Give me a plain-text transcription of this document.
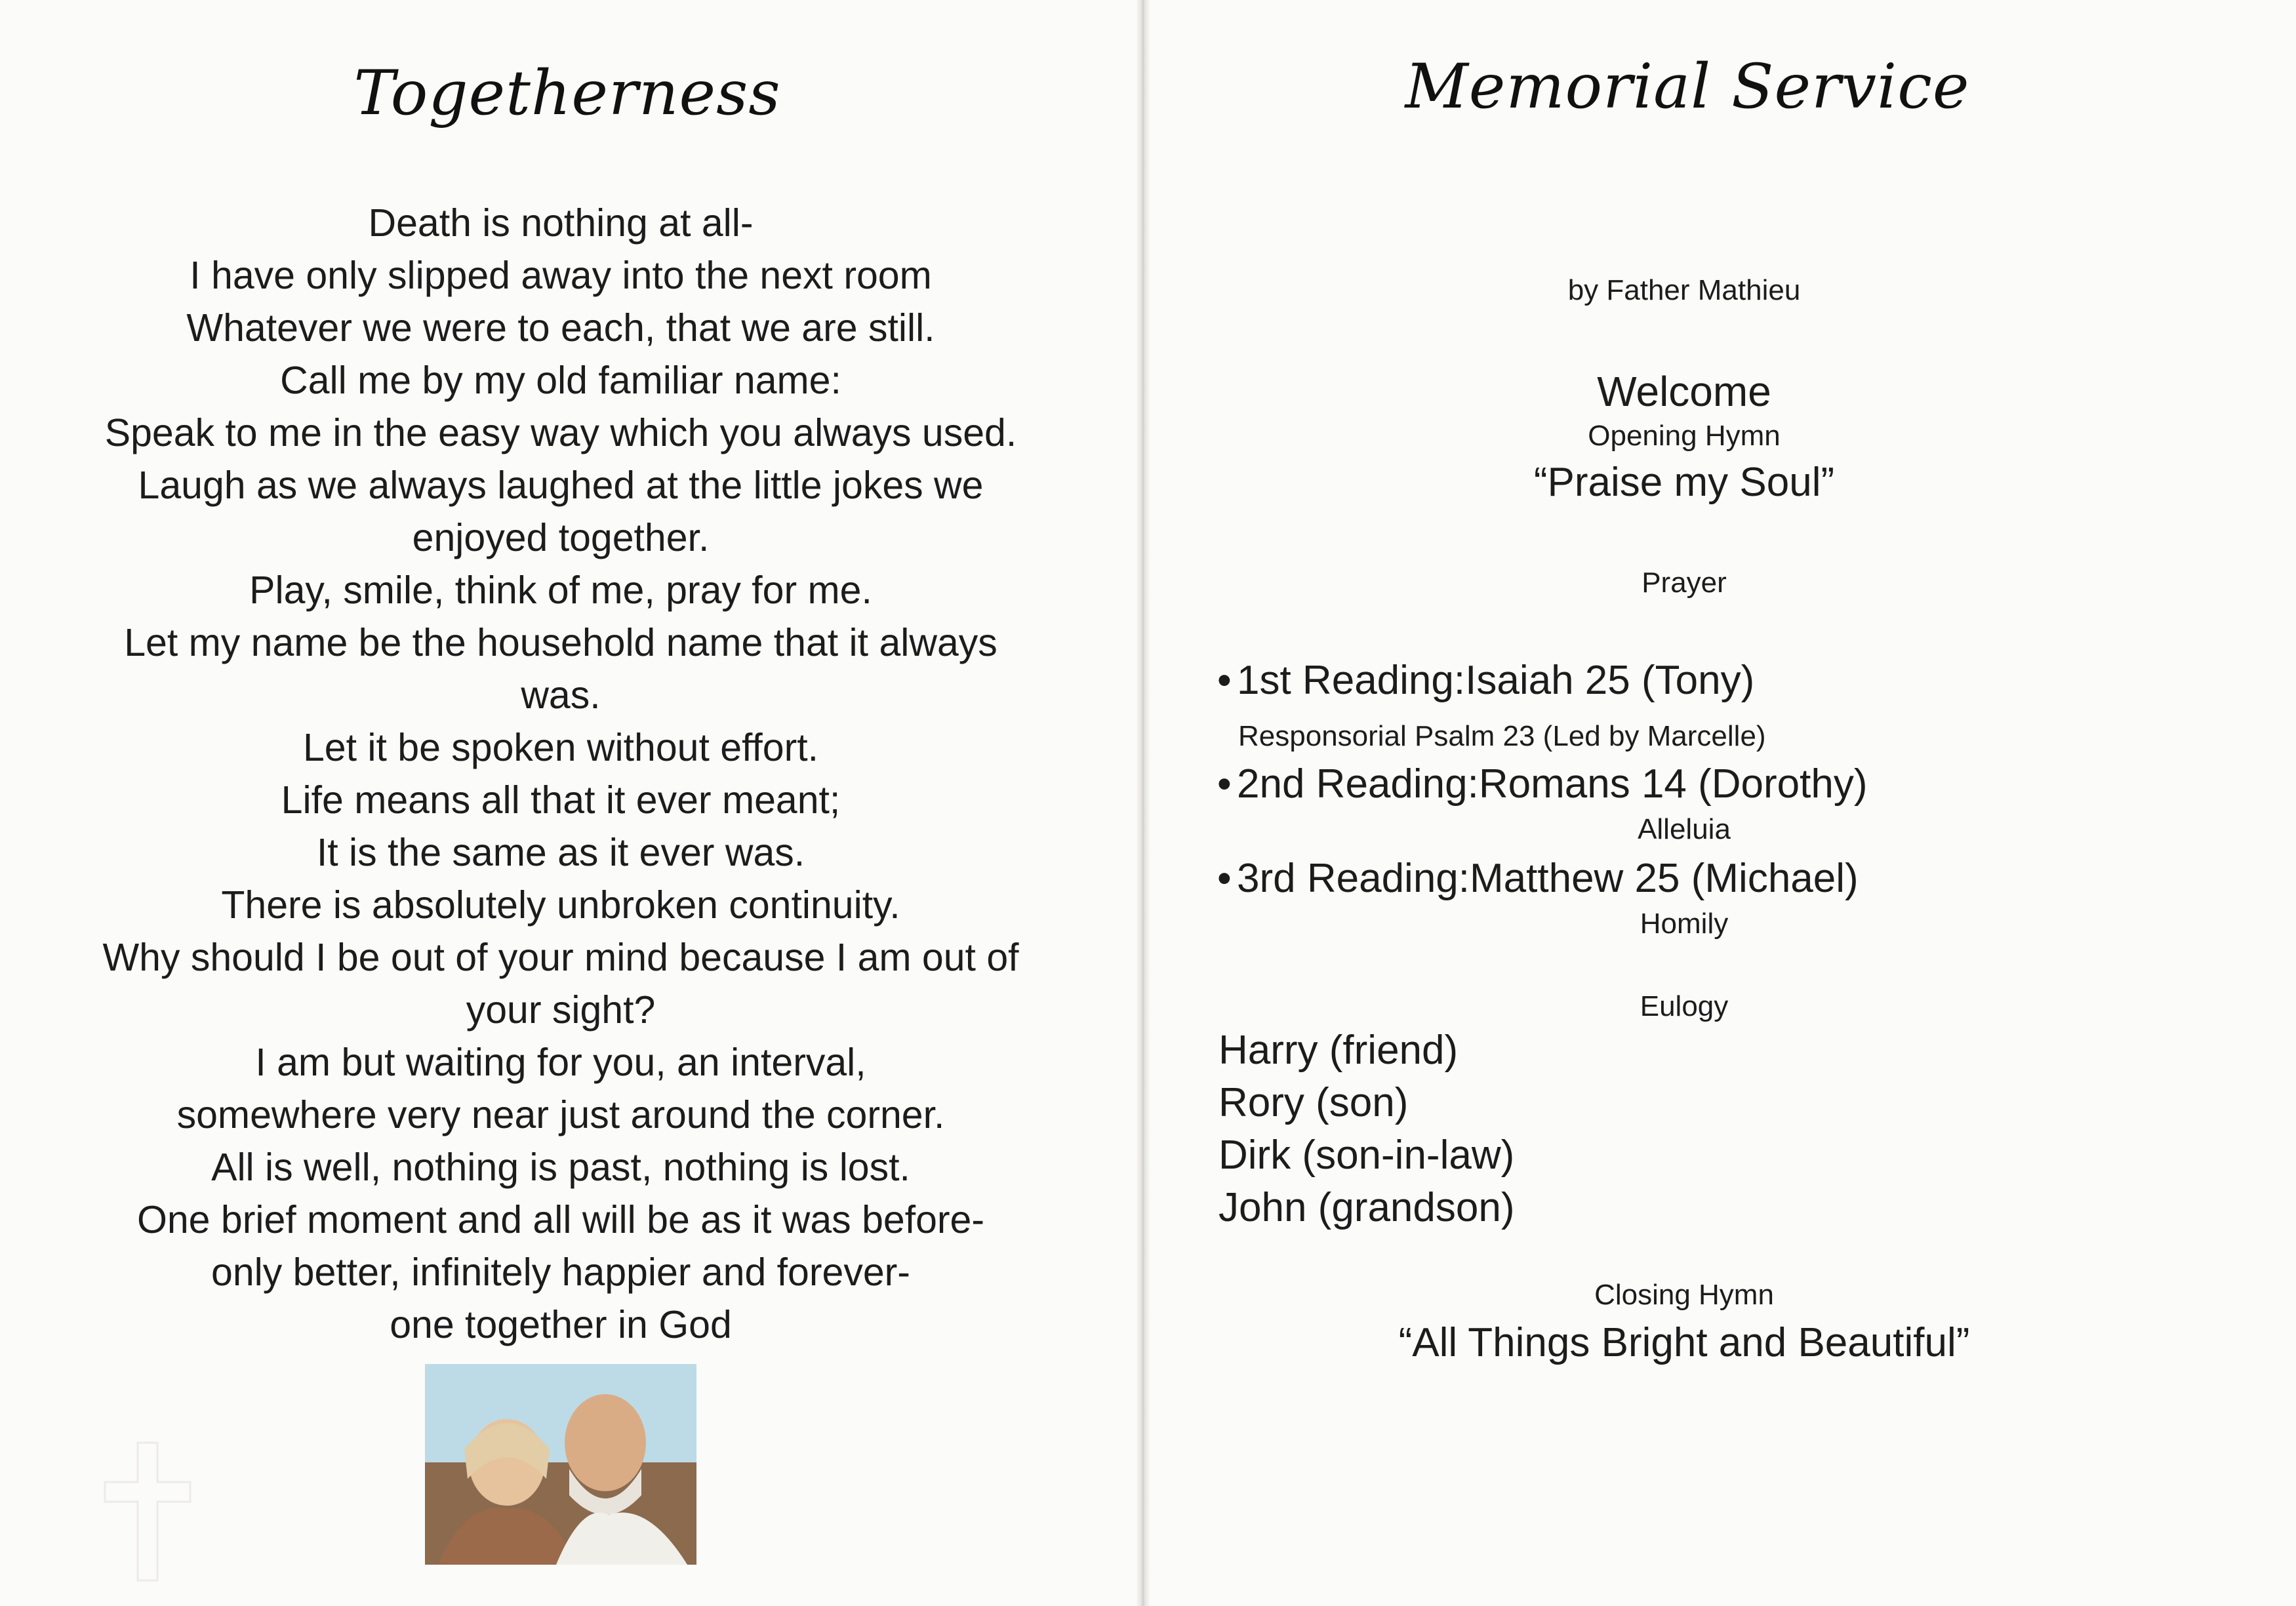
Togetherness
Death is nothing at all-
I have only slipped away into the next room
Whatever we were to each, that we are still.
Call me by my old familiar name:
Speak to me in the easy way which you always used.
Laugh as we always laughed at the little jokes we
enjoyed together.
Play, smile, think of me, pray for me.
Let my name be the household name that it always
was.
Let it be spoken without effort.
Life means all that it ever meant;
It is the same as it ever was.
There is absolutely unbroken continuity.
Why should I be out of your mind because I am out of
your sight?
I am but waiting for you, an interval,
somewhere very near just around the corner.
All is well, nothing is past, nothing is lost.
One brief moment and all will be as it was before-
only better, infinitely happier and forever-
one together in God
Memorial Service
by Father Mathieu
Welcome
Opening Hymn
“Praise my Soul”
Prayer
• 1st Reading:Isaiah 25 (Tony)
Responsorial Psalm 23 (Led by Marcelle)
• 2nd Reading:Romans 14 (Dorothy)
Alleluia
• 3rd Reading:Matthew 25 (Michael)
Homily
Eulogy
Harry (friend)
Rory (son)
Dirk (son-in-law)
John (grandson)
Closing Hymn
“All Things Bright and Beautiful”
